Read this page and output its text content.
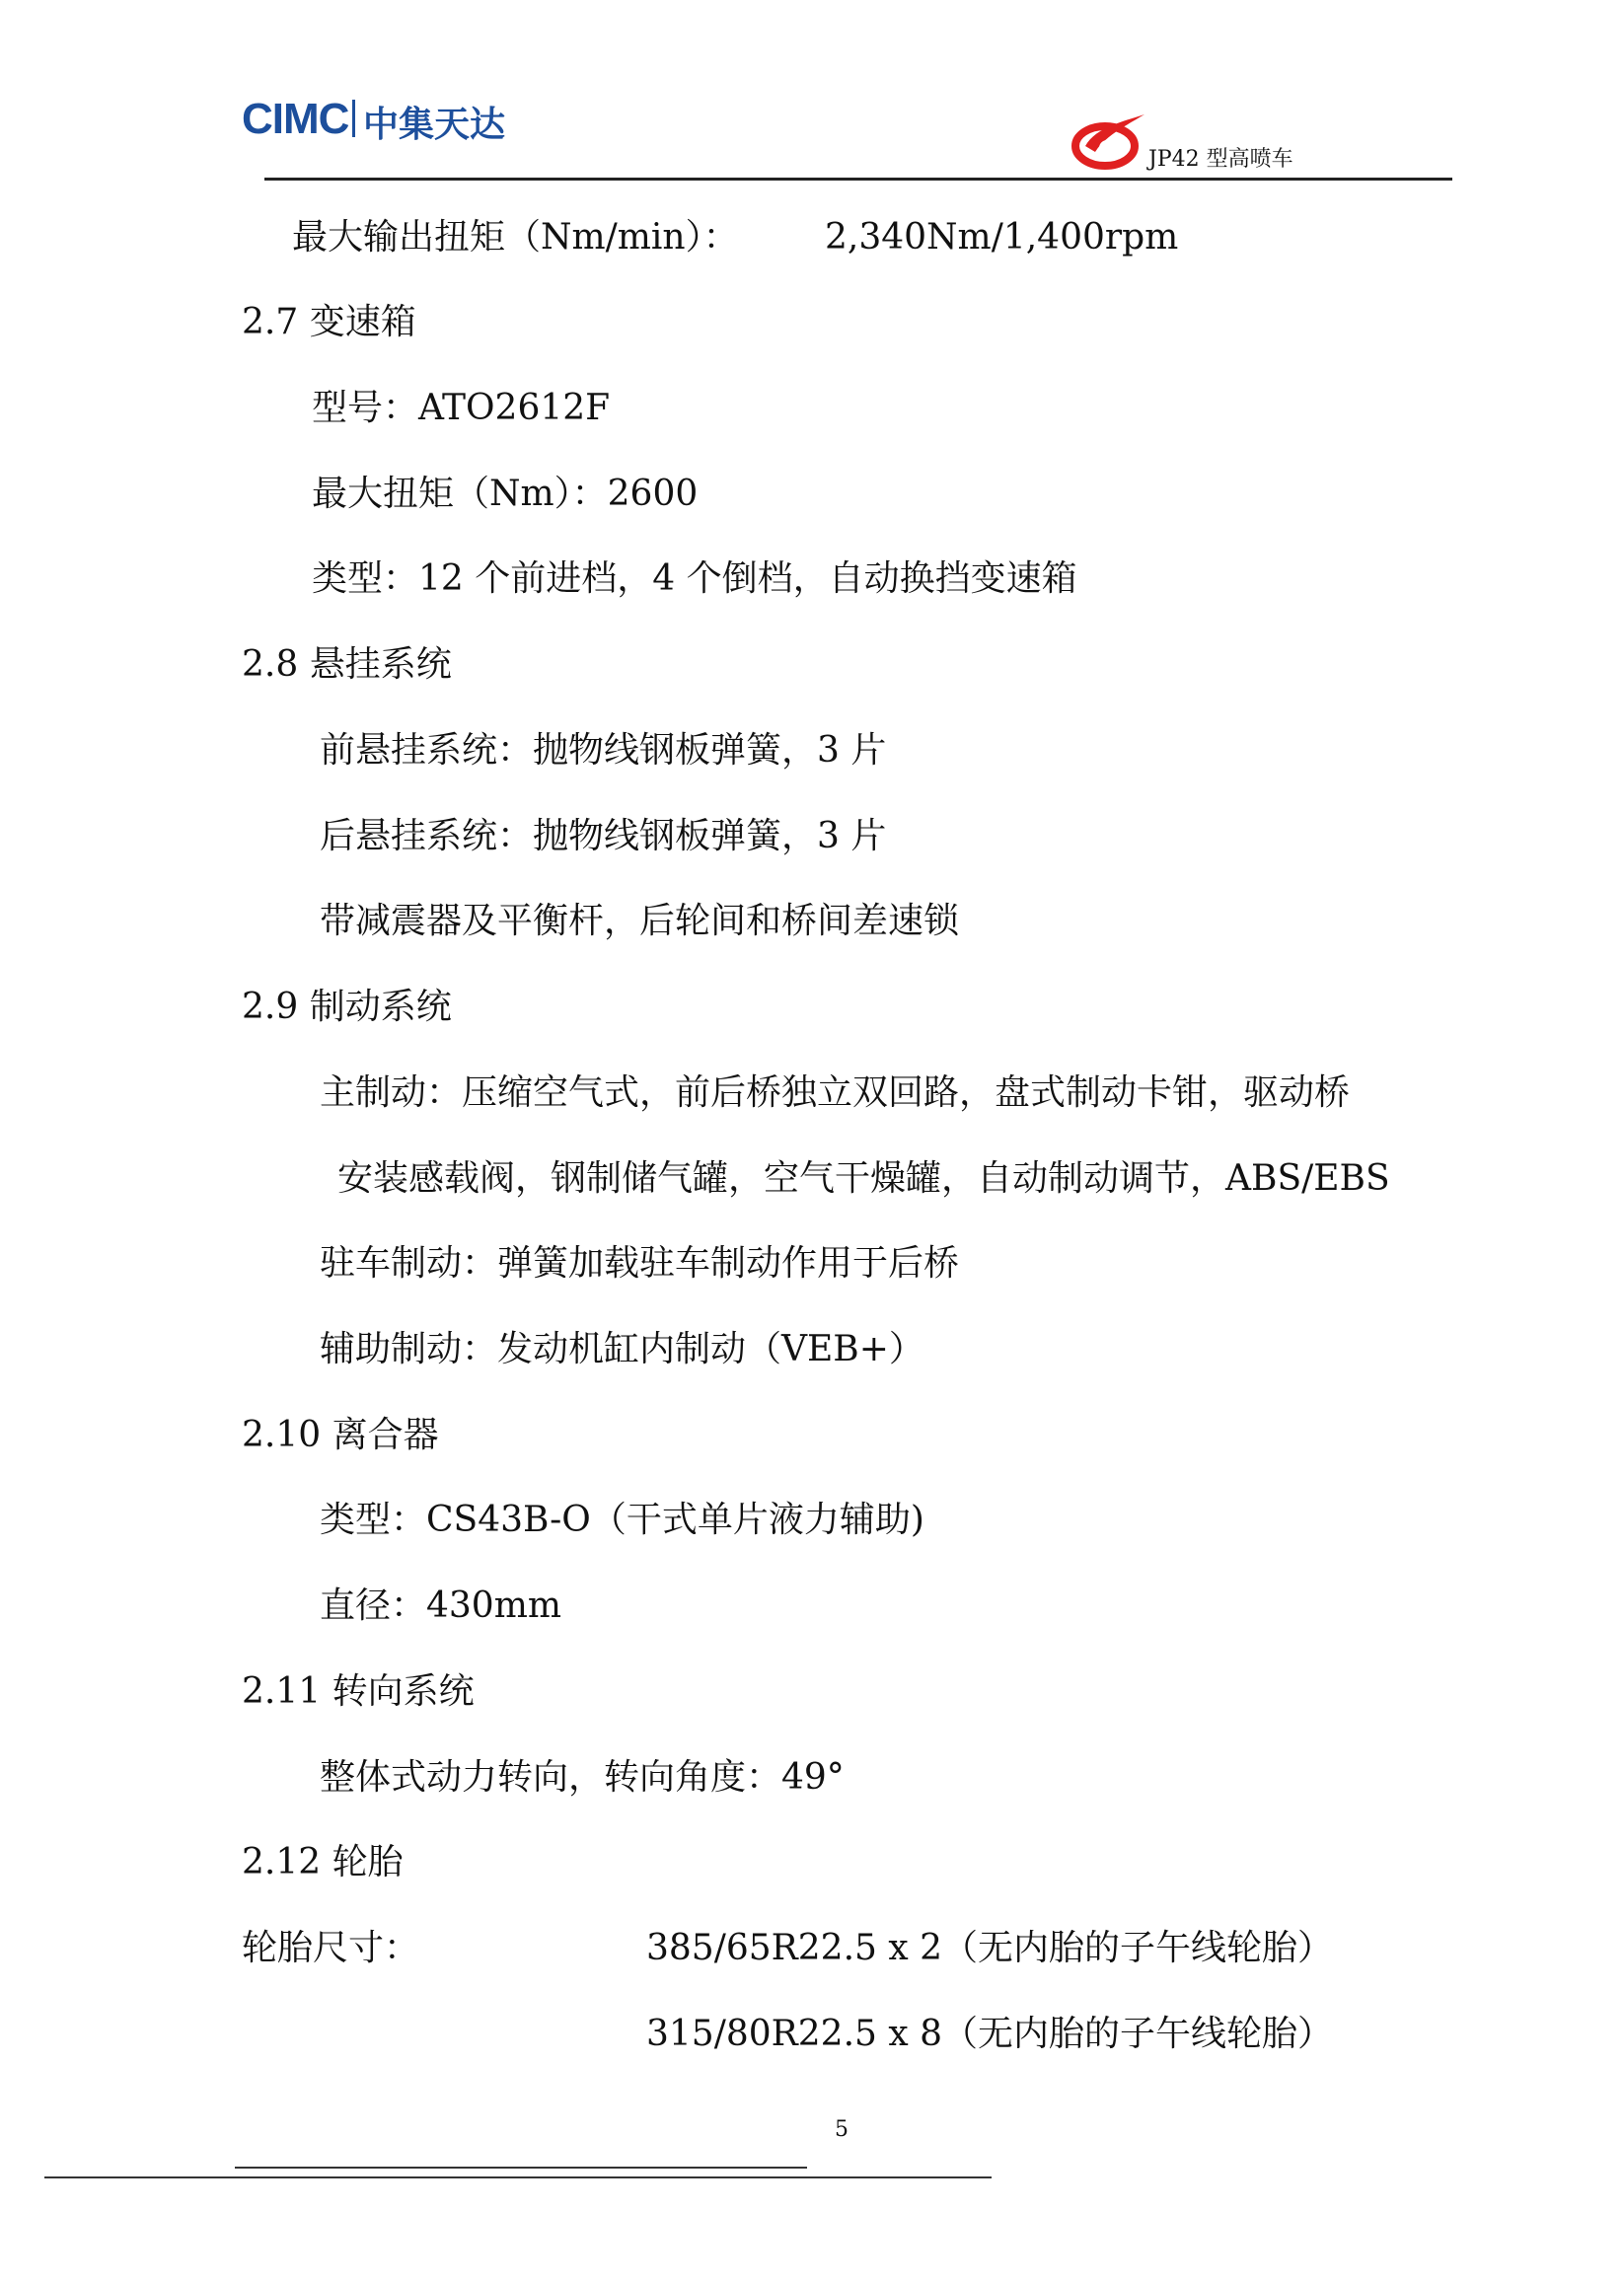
CIMC 中集天达
JP42 型高喷车
最大输出扭矩（Nm/min）： 2,340Nm/1,400rpm
2.7 变速箱
型号：ATO2612F
最大扭矩（Nm）：2600
类型：12 个前进档，4 个倒档，自动换挡变速箱
2.8 悬挂系统
前悬挂系统：抛物线钢板弹簧，3 片
后悬挂系统：抛物线钢板弹簧，3 片
带减震器及平衡杆，后轮间和桥间差速锁
2.9 制动系统
主制动：压缩空气式，前后桥独立双回路，盘式制动卡钳，驱动桥
安装感载阀，钢制储气罐，空气干燥罐，自动制动调节，ABS/EBS
驻车制动：弹簧加载驻车制动作用于后桥
辅助制动：发动机缸内制动（VEB+）
2.10 离合器
类型：CS43B-O（干式单片液力辅助)
直径：430mm
2.11 转向系统
整体式动力转向，转向角度：49°
2.12 轮胎
轮胎尺寸：	385/65R22.5 x 2（无内胎的子午线轮胎）
315/80R22.5 x 8（无内胎的子午线轮胎）
5
